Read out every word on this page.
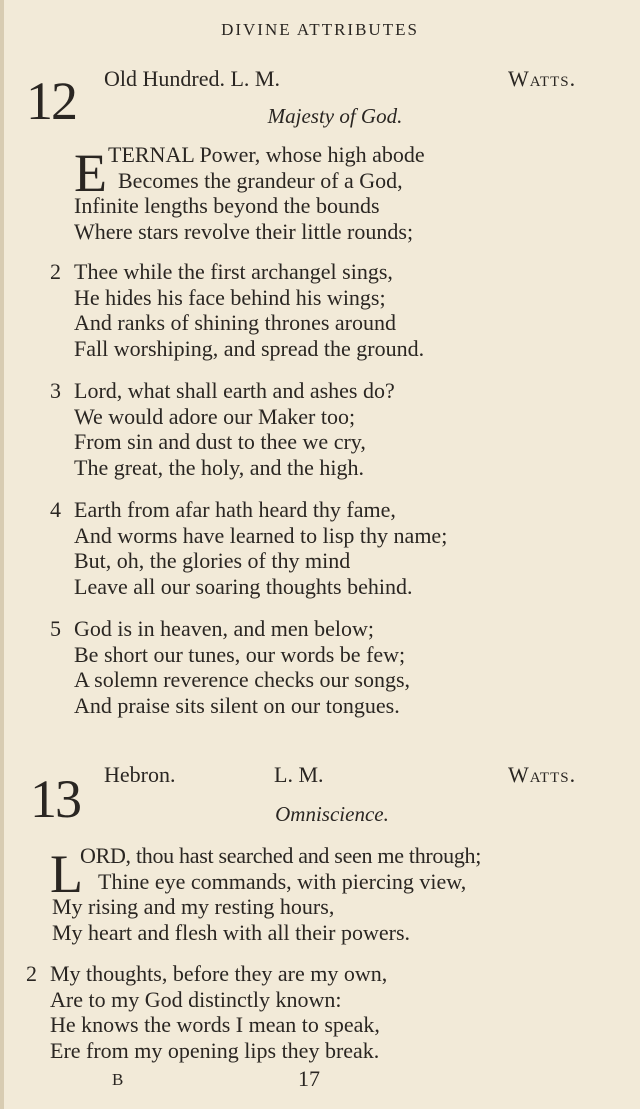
DIVINE ATTRIBUTES
12 Old Hundred. L. M.	Watts.
Majesty of God.
E TERNAL Power, whose high abode
Becomes the grandeur of a God,
Infinite lengths beyond the bounds
Where stars revolve their little rounds;
2 Thee while the first archangel sings,
He hides his face behind his wings;
And ranks of shining thrones around
Fall worshiping, and spread the ground.
3 Lord, what shall earth and ashes do?
We would adore our Maker too;
From sin and dust to thee we cry,
The great, the holy, and the high.
4 Earth from afar hath heard thy fame,
And worms have learned to lisp thy name;
But, oh, the glories of thy mind
Leave all our soaring thoughts behind.
5 God is in heaven, and men below;
Be short our tunes, our words be few;
A solemn reverence checks our songs,
And praise sits silent on our tongues.
13 Hebron.	L. M.	Watts.
Omniscience.
L
ORD, thou hast searched and seen me through;
Thine eye commands, with piercing view,
My rising and my resting hours,
My heart and flesh with all their powers.
2 My thoughts, before they are my own,
Are to my God distinctly known:
He knows the words I mean to speak,
Ere from my opening lips they break.
B	17
